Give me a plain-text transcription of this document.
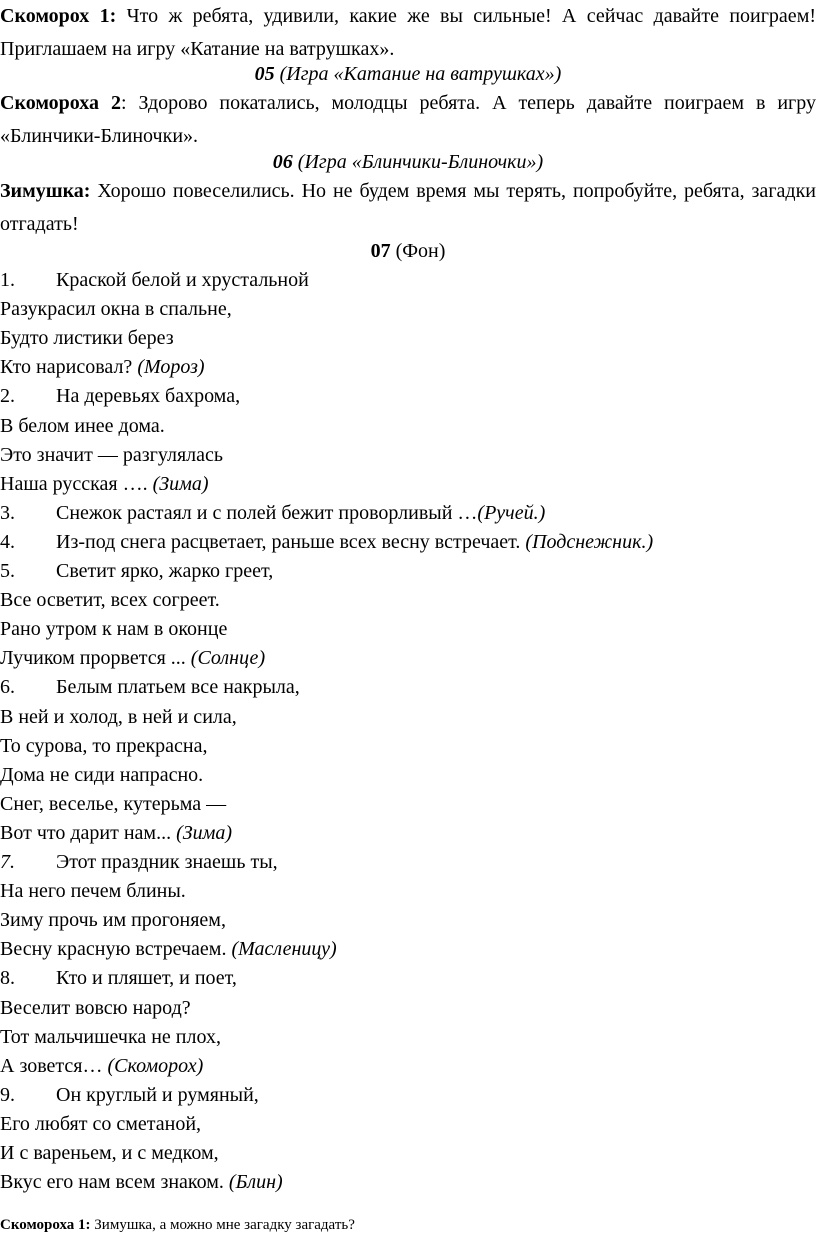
Скоморох 1: Что ж ребята, удивили, какие же вы сильные! А сейчас давайте поиграем! Приглашаем на игру «Катание на ватрушках».

05 (Игра «Катание на ватрушках»)

Скомороха 2: Здорово покатались, молодцы ребята. А теперь давайте поиграем в игру «Блинчики-Блиночки».

06 (Игра «Блинчики-Блиночки»)

Зимушка: Хорошо повеселились. Но не будем время мы терять, попробуйте, ребята, загадки отгадать!

07 (Фон)

1. Краской белой и хрустальной

Разукрасил окна в спальне,

Будто листики берез

Кто нарисовал? (Мороз)

2. На деревьях бахрома,

В белом инее дома.

Это значит — разгулялась

Наша русская …. (Зима)

3. Снежок растаял и с полей бежит проворливый …(Ручей.)

4. Из-под снега расцветает, раньше всех весну встречает. (Подснежник.)

5. Светит ярко, жарко греет,

Все осветит, всех согреет.

Рано утром к нам в оконце

Лучиком прорвется ... (Солнце)

6. Белым платьем все накрыла,

В ней и холод, в ней и сила,

То сурова, то прекрасна,

Дома не сиди напрасно.

Снег, веселье, кутерьма —

Вот что дарит нам... (Зима)

7. Этот праздник знаешь ты,

На него печем блины.

Зиму прочь им прогоняем,

Весну красную встречаем. (Масленицу)

8. Кто и пляшет, и поет,

Веселит вовсю народ?

Тот мальчишечка не плох,

А зовется… (Скоморох)

9. Он круглый и румяный,

Его любят со сметаной,

И с вареньем, и с медком,

Вкус его нам всем знаком. (Блин)

Скомороха 1: Зимушка, а можно мне загадку загадать?
